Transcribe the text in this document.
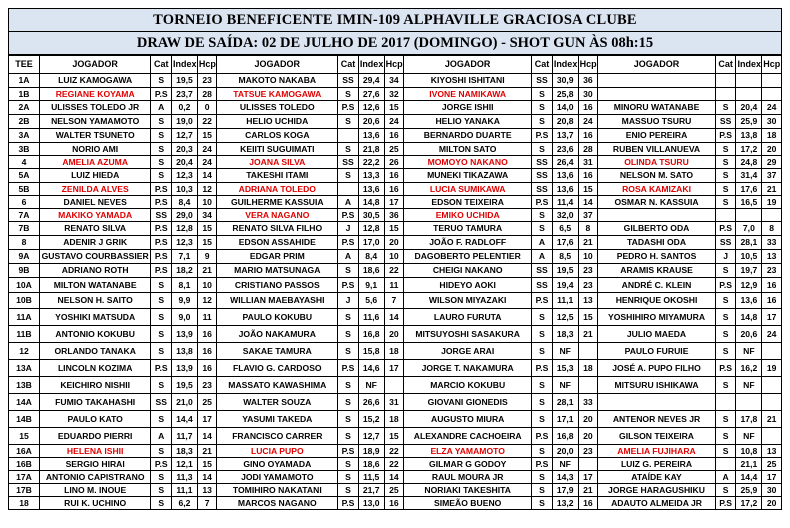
TORNEIO BENEFICENTE IMIN-109 ALPHAVILLE GRACIOSA CLUBE
DRAW DE SAÍDA: 02 DE JULHO DE 2017 (DOMINGO) - SHOT GUN ÀS 08h:15
TEE	JOGADOR	Cat	Index	Hcp	JOGADOR	Cat	Index	Hcp	JOGADOR	Cat	Index	Hcp	JOGADOR	Cat	Index	Hcp
1A	LUIZ KAMOGAWA	S	19,5	23	MAKOTO NAKABA	SS	29,4	34	KIYOSHI ISHITANI	SS	30,9	36				
1B	REGIANE KOYAMA	P.S	23,7	28	TATSUE KAMOGAWA	S	27,6	32	IVONE NAMIKAWA	S	25,8	30				
2A	ULISSES TOLEDO JR	A	0,2	0	ULISSES TOLEDO	P.S	12,6	15	JORGE ISHII	S	14,0	16	MINORU WATANABE	S	20,4	24
2B	NELSON YAMAMOTO	S	19,0	22	HELIO UCHIDA	S	20,6	24	HELIO YANAKA	S	20,8	24	MASSUO TSURU	SS	25,9	30
3A	WALTER TSUNETO	S	12,7	15	CARLOS KOGA		13,6	16	BERNARDO DUARTE	P.S	13,7	16	ENIO PEREIRA	P.S	13,8	18
3B	NORIO AMI	S	20,3	24	KEIITI SUGUIMATI	S	21,8	25	MILTON SATO	S	23,6	28	RUBEN VILLANUEVA	S	17,2	20
4	AMELIA AZUMA	S	20,4	24	JOANA SILVA	SS	22,2	26	MOMOYO NAKANO	SS	26,4	31	OLINDA TSURU	S	24,8	29
5A	LUIZ HIEDA	S	12,3	14	TAKESHI ITAMI	S	13,3	16	MUNEKI TIKAZAWA	SS	13,6	16	NELSON M. SATO	S	31,4	37
5B	ZENILDA ALVES	P.S	10,3	12	ADRIANA TOLEDO		13,6	16	LUCIA SUMIKAWA	SS	13,6	15	ROSA KAMIZAKI	S	17,6	21
6	DANIEL NEVES	P.S	8,4	10	GUILHERME KASSUIA	A	14,8	17	EDSON TEIXEIRA	P.S	11,4	14	OSMAR N. KASSUIA	S	16,5	19
7A	MAKIKO YAMADA	SS	29,0	34	VERA NAGANO	P.S	30,5	36	EMIKO UCHIDA	S	32,0	37				
7B	RENATO SILVA	P.S	12,8	15	RENATO SILVA FILHO	J	12,8	15	TERUO TAMURA	S	6,5	8	GILBERTO ODA	P.S	7,0	8
8	ADENIR J GRIK	P.S	12,3	15	EDSON ASSAHIDE	P.S	17,0	20	JOÃO F. RADLOFF	A	17,6	21	TADASHI ODA	SS	28,1	33
9A	GUSTAVO COURBASSIER	P.S	7,1	9	EDGAR PRIM	A	8,4	10	DAGOBERTO PELENTIER	A	8,5	10	PEDRO H. SANTOS	J	10,5	13
9B	ADRIANO ROTH	P.S	18,2	21	MARIO MATSUNAGA	S	18,6	22	CHEIGI NAKANO	SS	19,5	23	ARAMIS KRAUSE	S	19,7	23
10A	MILTON WATANABE	S	8,1	10	CRISTIANO PASSOS	P.S	9,1	11	HIDEYO AOKI	SS	19,4	23	ANDRÉ C. KLEIN	P.S	12,9	16
10B	NELSON H. SAITO	S	9,9	12	WILLIAN MAEBAYASHI	J	5,6	7	WILSON MIYAZAKI	P.S	11,1	13	HENRIQUE OKOSHI	S	13,6	16
11A	YOSHIKI MATSUDA	S	9,0	11	PAULO KOKUBU	S	11,6	14	LAURO FURUTA	S	12,5	15	YOSHIHIRO MIYAMURA	S	14,8	17
11B	ANTONIO KOKUBU	S	13,9	16	JOÃO NAKAMURA	S	16,8	20	MITSUYOSHI SASAKURA	S	18,3	21	JULIO MAEDA	S	20,6	24
12	ORLANDO TANAKA	S	13,8	16	SAKAE TAMURA	S	15,8	18	JORGE ARAI	S	NF		PAULO FURUIE	S	NF	
13A	LINCOLN KOZIMA	P.S	13,9	16	FLAVIO G. CARDOSO	P.S	14,6	17	JORGE T. NAKAMURA	P.S	15,3	18	JOSÉ A. PUPO FILHO	P.S	16,2	19
13B	KEICHIRO NISHII	S	19,5	23	MASSATO KAWASHIMA	S	NF		MARCIO KOKUBU	S	NF		MITSURU ISHIKAWA	S	NF	
14A	FUMIO TAKAHASHI	SS	21,0	25	WALTER SOUZA	S	26,6	31	GIOVANI GIONEDIS	S	28,1	33				
14B	PAULO KATO	S	14,4	17	YASUMI TAKEDA	S	15,2	18	AUGUSTO MIURA	S	17,1	20	ANTENOR NEVES JR	S	17,8	21
15	EDUARDO PIERRI	A	11,7	14	FRANCISCO CARRER	S	12,7	15	ALEXANDRE CACHOEIRA	P.S	16,8	20	GILSON TEIXEIRA	S	NF	
16A	HELENA ISHII	S	18,3	21	LUCIA PUPO	P.S	18,9	22	ELZA YAMAMOTO	S	20,0	23	AMELIA FUJIHARA	S	10,8	13
16B	SERGIO HIRAI	P.S	12,1	15	GINO OYAMADA	S	18,6	22	GILMAR G GODOY	P.S	NF		LUIZ G. PEREIRA		21,1	25
17A	ANTONIO CAPISTRANO	S	11,3	14	JODI YAMAMOTO	S	11,5	14	RAUL MOURA JR	S	14,3	17	ATAÍDE KAY	A	14,4	17
17B	LINO M. INOUE	S	11,1	13	TOMIHIRO NAKATANI	S	21,7	25	NORIAKI TAKESHITA	S	17,9	21	JORGE HARAGUSHIKU	S	25,9	30
18	RUI K. UCHINO	S	6,2	7	MARCOS NAGANO	P.S	13,0	16	SIMEÃO BUENO	S	13,2	16	ADAUTO ALMEIDA JR	P.S	17,2	20
